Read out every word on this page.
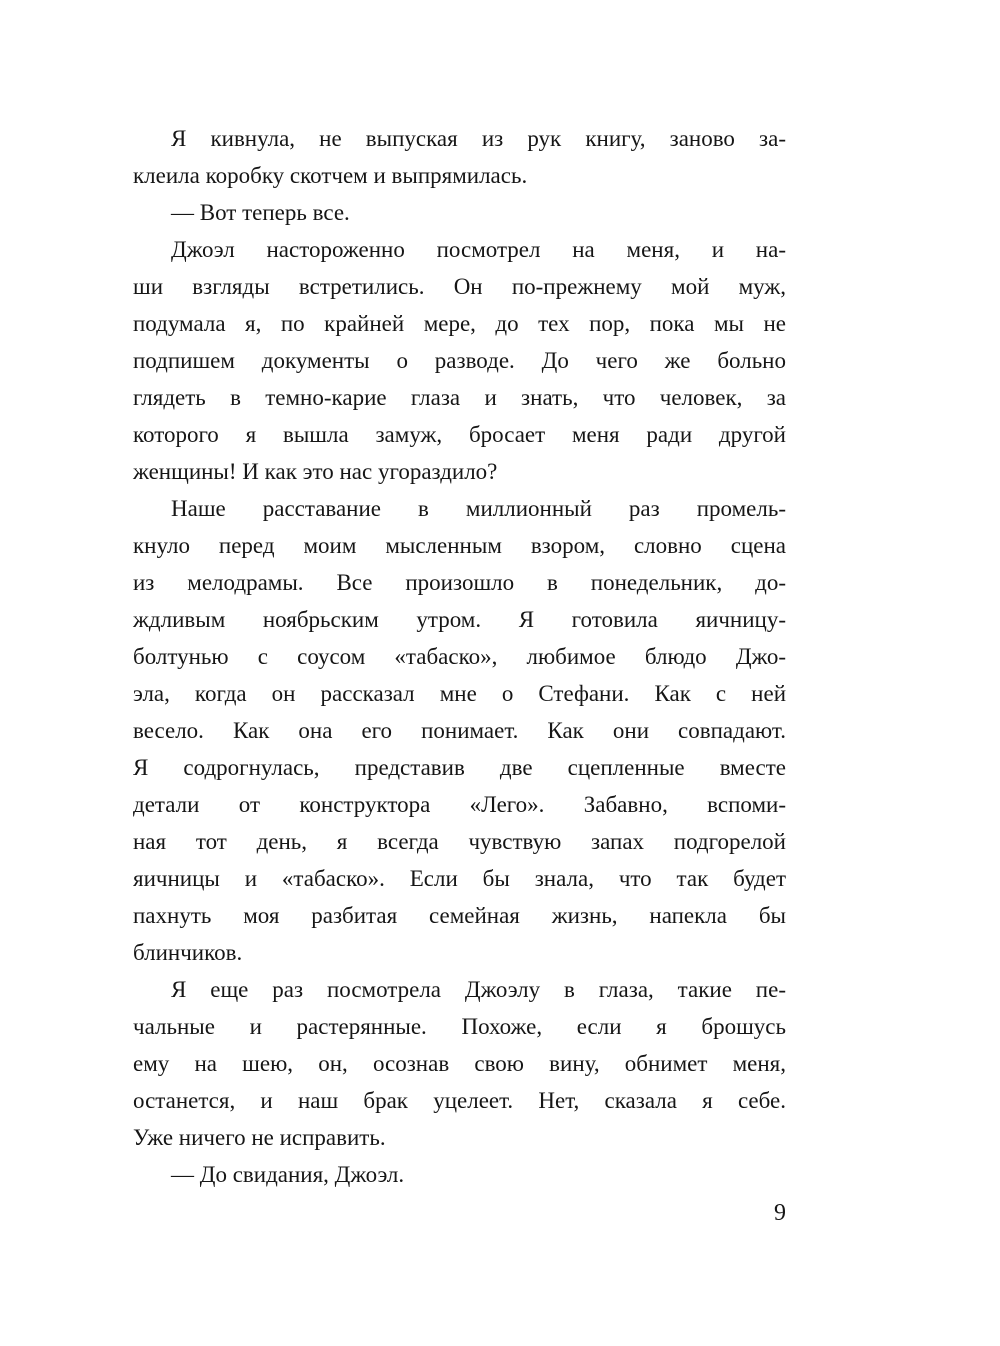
Я кивнула, не выпуская из рук книгу, заново за-
клеила коробку скотчем и выпрямилась.
— Вот теперь все.
Джоэл настороженно посмотрел на меня, и на-
ши взгляды встретились. Он по-прежнему мой муж,
подумала я, по крайней мере, до тех пор, пока мы не
подпишем документы о разводе. До чего же больно
глядеть в темно-карие глаза и знать, что человек, за
которого я вышла замуж, бросает меня ради другой
женщины! И как это нас угораздило?
Наше расставание в миллионный раз промель-
кнуло перед моим мысленным взором, словно сцена
из мелодрамы. Все произошло в понедельник, до-
ждливым ноябрьским утром. Я готовила яичницу-
болтунью с соусом «табаско», любимое блюдо Джо-
эла, когда он рассказал мне о Стефани. Как с ней
весело. Как она его понимает. Как они совпадают.
Я содрогнулась, представив две сцепленные вместе
детали от конструктора «Лего». Забавно, вспоми-
ная тот день, я всегда чувствую запах подгорелой
яичницы и «табаско». Если бы знала, что так будет
пахнуть моя разбитая семейная жизнь, напекла бы
блинчиков.
Я еще раз посмотрела Джоэлу в глаза, такие пе-
чальные и растерянные. Похоже, если я брошусь
ему на шею, он, осознав свою вину, обнимет меня,
останется, и наш брак уцелеет. Нет, сказала я себе.
Уже ничего не исправить.
— До свидания, Джоэл.
9
